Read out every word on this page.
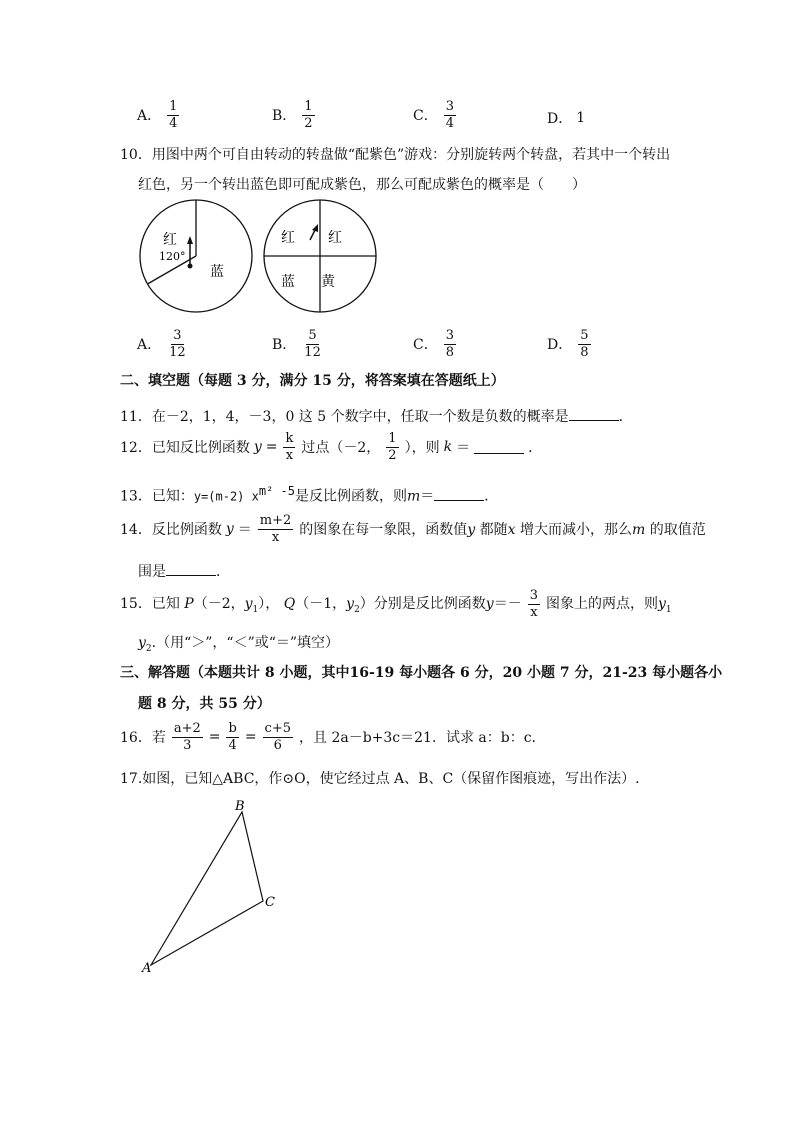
A． $\frac{1}{4}$	B． $\frac{1}{2}$	C． $\frac{3}{4}$	D． 1
10．用图中两个可自由转动的转盘做“配紫色”游戏：分别旋转两个转盘，若其中一个转出
红色，另一个转出蓝色即可配成紫色，那么可配成紫色的概率是（　　）
红
120°
蓝
红 红
蓝 黄
A． $\frac{3}{12}$	B． $\frac{5}{12}$	C． $\frac{3}{8}$	D． $\frac{5}{8}$
二、填空题（每题 3 分，满分 15 分，将答案填在答题纸上）
11．在－2，1，4，－3，0 这 5 个数字中，任取一个数是负数的概率是	．
12．已知反比例函数 $y = \frac{k}{x}$ 过点（－2， $\frac{1}{2}$ ），则 k ＝	．
13．已知：y=(m-2) xm² -5是反比例函数，则m＝	．
14．反比例函数 $y = \frac{m+2}{x}$ 的图象在每一象限，函数值y 都随x 增大而减小，那么m 的取值范
围是	．
15．已知 P（－2，$y_1$）， Q（－1，$y_2$）分别是反比例函数$y=- \frac{3}{x}$ 图象上的两点，则$y_1$
$y_2$.（用“＞”，“＜”或“＝”填空）
三、解答题（本题共计 8 小题，其中16-19 每小题各 6 分，20 小题 7 分，21-23 每小题各小
题 8 分，共 55 分）
16．若 $\frac{a+2}{3} = \frac{b}{4} = \frac{c+5}{6}$ ，且 2a－b+3c＝21．试求 a：b：c．
17.如图，已知△ABC，作⊙O，使它经过点 A、B、C（保留作图痕迹，写出作法）.
A
B
C
